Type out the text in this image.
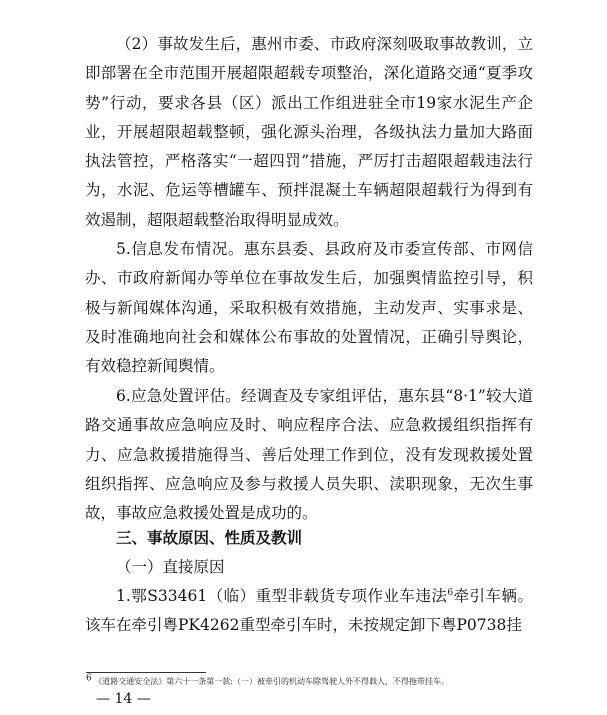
（2）事故发生后，惠州市委、市政府深刻吸取事故教训，立即部署在全市范围开展超限超载专项整治，深化道路交通“夏季攻势”行动，要求各县（区）派出工作组进驻全市19家水泥生产企业，开展超限超载整顿，强化源头治理，各级执法力量加大路面执法管控，严格落实“一超四罚”措施，严厉打击超限超载违法行为，水泥、危运等槽罐车、预拌混凝土车辆超限超载行为得到有效遏制，超限超载整治取得明显成效。

5.信息发布情况。惠东县委、县政府及市委宣传部、市网信办、市政府新闻办等单位在事故发生后，加强舆情监控引导，积极与新闻媒体沟通，采取积极有效措施，主动发声、实事求是、及时准确地向社会和媒体公布事故的处置情况，正确引导舆论，有效稳控新闻舆情。

6.应急处置评估。经调查及专家组评估，惠东县“8·1”较大道路交通事故应急响应及时、响应程序合法、应急救援组织指挥有力、应急救援措施得当、善后处理工作到位，没有发现救援处置组织指挥、应急响应及参与救援人员失职、渎职现象，无次生事故，事故应急救援处置是成功的。

三、事故原因、性质及教训

（一）直接原因

1.鄂S33461（临）重型非载货专项作业车违法$^6$牵引车辆。该车在牵引粤PK4262重型牵引车时，未按规定卸下粤P0738挂

$^6$ 《道路交通安全法》第六十一条第一款:（一）被牵引的机动车除驾驶人外不得载人，不得拖带挂车。
— 14 —
